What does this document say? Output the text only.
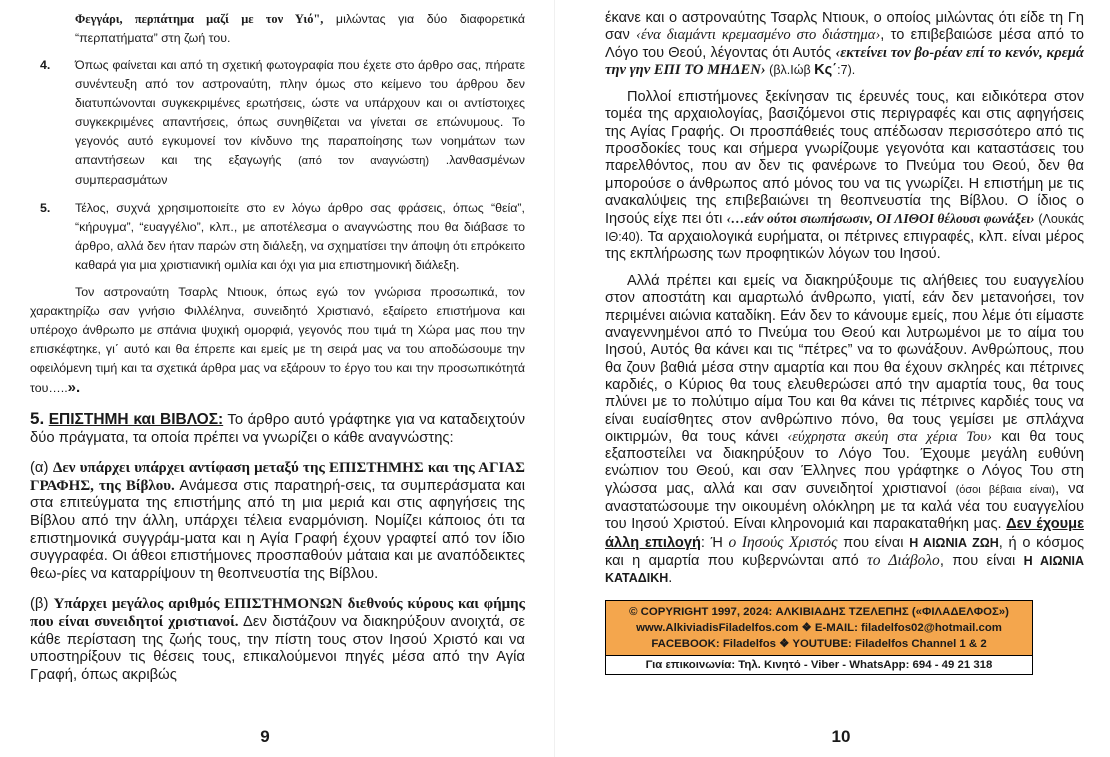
Φεγγάρι, περπάτημα μαζί με τον Υιό", μιλώντας για δύο διαφορετικά “περπατήματα” στη ζωή του.

4. Όπως φαίνεται και από τη σχετική φωτογραφία που έχετε στο άρθρο σας, πήρατε συνέντευξη από τον αστροναύτη, πλην όμως στο κείμενο του άρθρου δεν διατυπώνονται συγκεκριμένες ερωτήσεις, ώστε να υπάρχουν και οι αντίστοιχες συγκεκριμένες απαντήσεις, όπως συνηθίζεται να γίνεται σε επώνυμους. Το γεγονός αυτό εγκυμονεί τον κίνδυνο της παραποίησης των νοημάτων των απαντήσεων και της εξαγωγής (από τον αναγνώστη) .λανθασμένων συμπερασμάτων

5. Τέλος, συχνά χρησιμοποιείτε στο εν λόγω άρθρο σας φράσεις, όπως “θεία”, “κήρυγμα”, “ευαγγέλιο”, κλπ., με αποτέλεσμα ο αναγνώστης που θα διάβασε το άρθρο, αλλά δεν ήταν παρών στη διάλεξη, να σχηματίσει την άποψη ότι επρόκειτο καθαρά για μια χριστιανική ομιλία και όχι για μια επιστημονική διάλεξη.

Τον αστροναύτη Τσαρλς Ντιουκ, όπως εγώ τον γνώρισα προσωπικά, τον χαρακτηρίζω σαν γνήσιο Φιλλέληνα, συνειδητό Χριστιανό, εξαίρετο επιστήμονα και υπέροχο άνθρωπο με σπάνια ψυχική ομορφιά, γεγονός που τιμά τη Χώρα μας που την επισκέφτηκε, γι΄ αυτό και θα έπρεπε και εμείς με τη σειρά μας να του αποδώσουμε την οφειλόμενη τιμή και τα σχετικά άρθρα μας να εξάρουν το έργο του και την προσωπικότητά του…..».

5. ΕΠΙΣΤΗΜΗ και ΒΙΒΛΟΣ: Το άρθρο αυτό γράφτηκε για να καταδειχτούν δύο πράγματα, τα οποία πρέπει να γνωρίζει ο κάθε αναγνώστης:

(α) Δεν υπάρχει υπάρχει αντίφαση μεταξύ της ΕΠΙΣΤΗΜΗΣ και της ΑΓΙΑΣ ΓΡΑΦΗΣ, της Βίβλου. Ανάμεσα στις παρατηρή-σεις, τα συμπεράσματα και στα επιτεύγματα της επιστήμης από τη μια μεριά και στις αφηγήσεις της Βίβλου από την άλλη, υπάρχει τέλεια εναρμόνιση. Νομίζει κάποιος ότι τα επιστημονικά συγγράμ-ματα και η Αγία Γραφή έχουν γραφτεί από τον ίδιο συγγραφέα. Οι άθεοι επιστήμονες προσπαθούν μάταια και με αναπόδεικτες θεω-ρίες να καταρρίψουν τη θεοπνευστία της Βίβλου.

(β) Υπάρχει μεγάλος αριθμός ΕΠΙΣΤΗΜΟΝΩΝ διεθνούς κύρους και φήμης που είναι συνειδητοί χριστιανοί. Δεν διστάζουν να διακηρύξουν ανοιχτά, σε κάθε περίσταση της ζωής τους, την πίστη τους στον Ιησού Χριστό και να υποστηρίξουν τις θέσεις τους, επικαλούμενοι πηγές μέσα από την Αγία Γραφή, όπως ακριβώς

9

έκανε και ο αστροναύτης Τσαρλς Ντιουκ, ο οποίος μιλώντας ότι είδε τη Γη σαν ‹ένα διαμάντι κρεμασμένο στο διάστημα›, το επιβεβαιώσε μέσα από το Λόγο του Θεού, λέγοντας ότι Αυτός ‹εκτείνει τον βο-ρέαν επί το κενόν, κρεμά την γην ΕΠΙ ΤΟ ΜΗΔΕΝ› (βλ.Ιώβ Κς΄:7).

Πολλοί επιστήμονες ξεκίνησαν τις έρευνές τους, και ειδικότερα στον τομέα της αρχαιολογίας, βασιζόμενοι στις περιγραφές και στις αφηγήσεις της Αγίας Γραφής. Οι προσπάθειές τους απέδωσαν περισσότερο από τις προσδοκίες τους και σήμερα γνωρίζουμε γεγονότα και καταστάσεις του παρελθόντος, που αν δεν τις φανέρωνε το Πνεύμα του Θεού, δεν θα μπορούσε ο άνθρωπος από μόνος του να τις γνωρίζει. Η επιστήμη με τις ανακαλύψεις της επιβεβαιώνει τη θεοπνευστία της Βίβλου. Ο ίδιος ο Ιησούς είχε πει ότι ‹…εάν ούτοι σιωπήσωσιν, ΟΙ ΛΙΘΟΙ θέλουσι φωνάξει› (Λουκάς ΙΘ:40). Τα αρχαιολογικά ευρήματα, οι πέτρινες επιγραφές, κλπ. είναι μέρος της εκπλήρωσης των προφητικών λόγων του Ιησού.

Αλλά πρέπει και εμείς να διακηρύξουμε τις αλήθειες του ευαγγελίου στον αποστάτη και αμαρτωλό άνθρωπο, γιατί, εάν δεν μετανοήσει, τον περιμένει αιώνια καταδίκη. Εάν δεν το κάνουμε εμείς, που λέμε ότι είμαστε αναγεννημένοι από το Πνεύμα του Θεού και λυτρωμένοι με το αίμα του Ιησού, Αυτός θα κάνει και τις “πέτρες” να το φωνάξουν. Ανθρώπους, που θα ζουν βαθιά μέσα στην αμαρτία και που θα έχουν σκληρές και πέτρινες καρδιές, ο Κύριος θα τους ελευθερώσει από την αμαρτία τους, θα τους πλύνει με το πολύτιμο αίμα Του και θα κάνει τις πέτρινες καρδιές τους να είναι ευαίσθητες στον ανθρώπινο πόνο, θα τους γεμίσει με σπλάχνα οικτιρμών, θα τους κάνει ‹εύχρηστα σκεύη στα χέρια Του› και θα τους εξαποστείλει να διακηρύξουν το Λόγο Του. Έχουμε μεγάλη ευθύνη ενώπιον του Θεού, και σαν Έλληνες που γράφτηκε ο Λόγος Του στη γλώσσα μας, αλλά και σαν συνειδητοί χριστιανοί (όσοι βέβαια είναι), να αναστατώσουμε την οικουμένη ολόκληρη με τα καλά νέα του ευαγγελίου του Ιησού Χριστού. Είναι κληρονομιά και παρακαταθήκη μας. Δεν έχουμε άλλη επιλογή: Ή ο Ιησούς Χριστός που είναι Η ΑΙΩΝΙΑ ΖΩΗ, ή ο κόσμος και η αμαρτία που κυβερνώνται από το Διάβολο, που είναι Η ΑΙΩΝΙΑ ΚΑΤΑΔΙΚΗ.

© COPYRIGHT 1997, 2024: ΑΛΚΙΒΙΑΔΗΣ ΤΖΕΛΕΠΗΣ («ΦΙΛΑΔΕΛΦΟΣ»)
www.AlkiviadisFiladelfos.com ❖ E-MAIL: filadelfos02@hotmail.com
FACEBOOK: Filadelfos ❖ YOUTUBE: Filadelfos Channel 1 & 2
Για επικοινωνία: Τηλ. Κινητό - Viber - WhatsApp: 694 - 49 21 318
10
